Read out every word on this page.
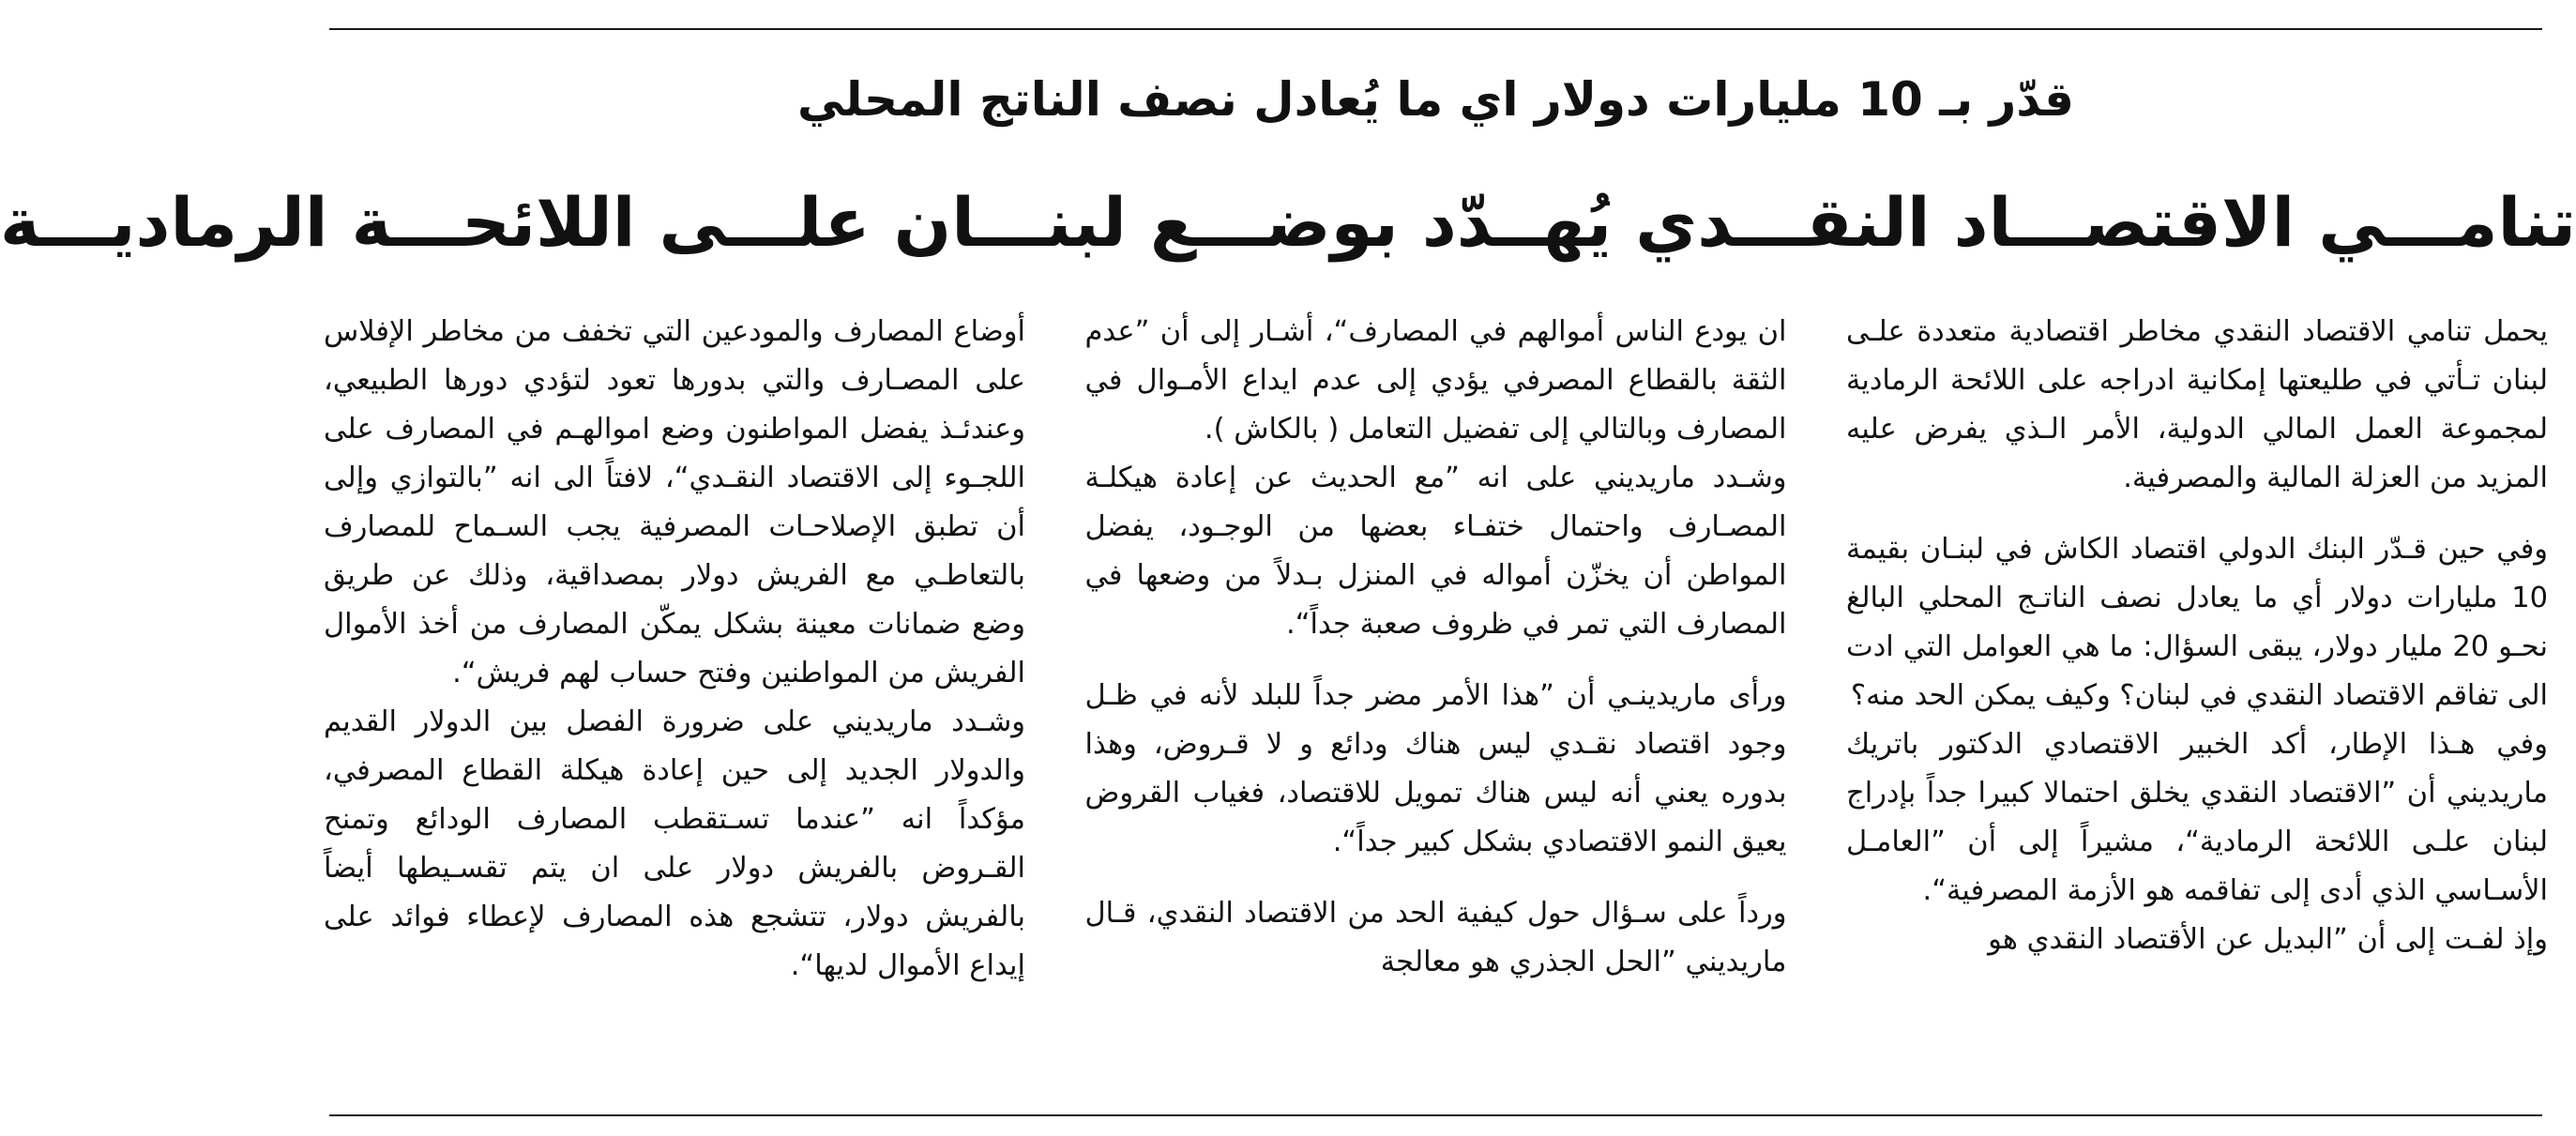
قدّر بـ 10 مليارات دولار اي ما يُعادل نصف الناتج المحلي
تنامـــي الاقتصـــاد النقـــدي يُهــدّد بوضـــع لبنـــان علـــى اللائحـــة الرماديـــة

يحمل تنامي الاقتصاد النقدي مخاطر اقتصادية متعددة علـى لبنان تـأتي في طليعتها إمكانية ادراجه على اللائحة الرمادية لمجموعة العمل المالي الدولية، الأمر الـذي يفرض عليه المزيد من العزلة المالية والمصرفية.

وفي حين قـدّر البنك الدولي اقتصاد الكاش في لبنـان بقيمة 10 مليارات دولار أي ما يعادل نصف الناتـج المحلي البالغ نحـو 20 مليار دولار، يبقى السؤال: ما هي العوامل التي ادت الى تفاقم الاقتصاد النقدي في لبنان؟ وكيف يمكن الحد منه؟

وفي هـذا الإطار، أكد الخبير الاقتصادي الدكتور باتريك ماريديني أن ”الاقتصاد النقدي يخلق احتمالا كبيرا جداً بإدراج لبنان علـى اللائحة الرمادية“، مشيراً إلى أن ”العامـل الأسـاسي الذي أدى إلى تفاقمه هو الأزمة المصرفية“.

وإذ لفـت إلى أن ”البديل عن الأقتصاد النقدي هو

ان يودع الناس أموالهم في المصارف“، أشـار إلى أن ”عدم الثقة بالقطاع المصرفي يؤدي إلى عدم ايداع الأمـوال في المصارف وبالتالي إلى تفضيل التعامل ( بالكاش ).

وشـدد ماريديني على انه ”مع الحديث عن إعادة هيكلـة المصـارف واحتمال ختفـاء بعضها من الوجـود، يفضل المواطن أن يخزّن أمواله في المنزل بـدلاً من وضعها في المصارف التي تمر في ظروف صعبة جداً“.

ورأى ماريدينـي أن ”هذا الأمر مضر جداً للبلد لأنه في ظـل وجود اقتصاد نقـدي ليس هناك ودائع و لا قـروض، وهذا بدوره يعني أنه ليس هناك تمويل للاقتصاد، فغياب القروض يعيق النمو الاقتصادي بشكل كبير جداً“.

ورداً على سـؤال حول كيفية الحد من الاقتصاد النقدي، قـال ماريديني ”الحل الجذري هو معالجة

أوضاع المصارف والمودعين التي تخفف من مخاطر الإفلاس على المصـارف والتي بدورها تعود لتؤدي دورها الطبيعي، وعندئـذ يفضل المواطنون وضع اموالهـم في المصارف على اللجـوء إلى الاقتصاد النقـدي“، لافتاً الى انه ”بالتوازي وإلى أن تطبق الإصلاحـات المصرفية يجب السـماح للمصارف بالتعاطـي مع الفريش دولار بمصداقية، وذلك عن طريق وضع ضمانات معينة بشكل يمكّن المصارف من أخذ الأموال الفريش من المواطنين وفتح حساب لهم فريش“.

وشـدد ماريديني على ضرورة الفصل بين الدولار القديم والدولار الجديد إلى حين إعادة هيكلة القطاع المصرفي، مؤكداً انه ”عندما تسـتقطب المصارف الودائع وتمنح القـروض بالفريش دولار على ان يتم تقسـيطها أيضاً بالفريش دولار، تتشجع هذه المصارف لإعطاء فوائد على إيداع الأموال لديها“.
